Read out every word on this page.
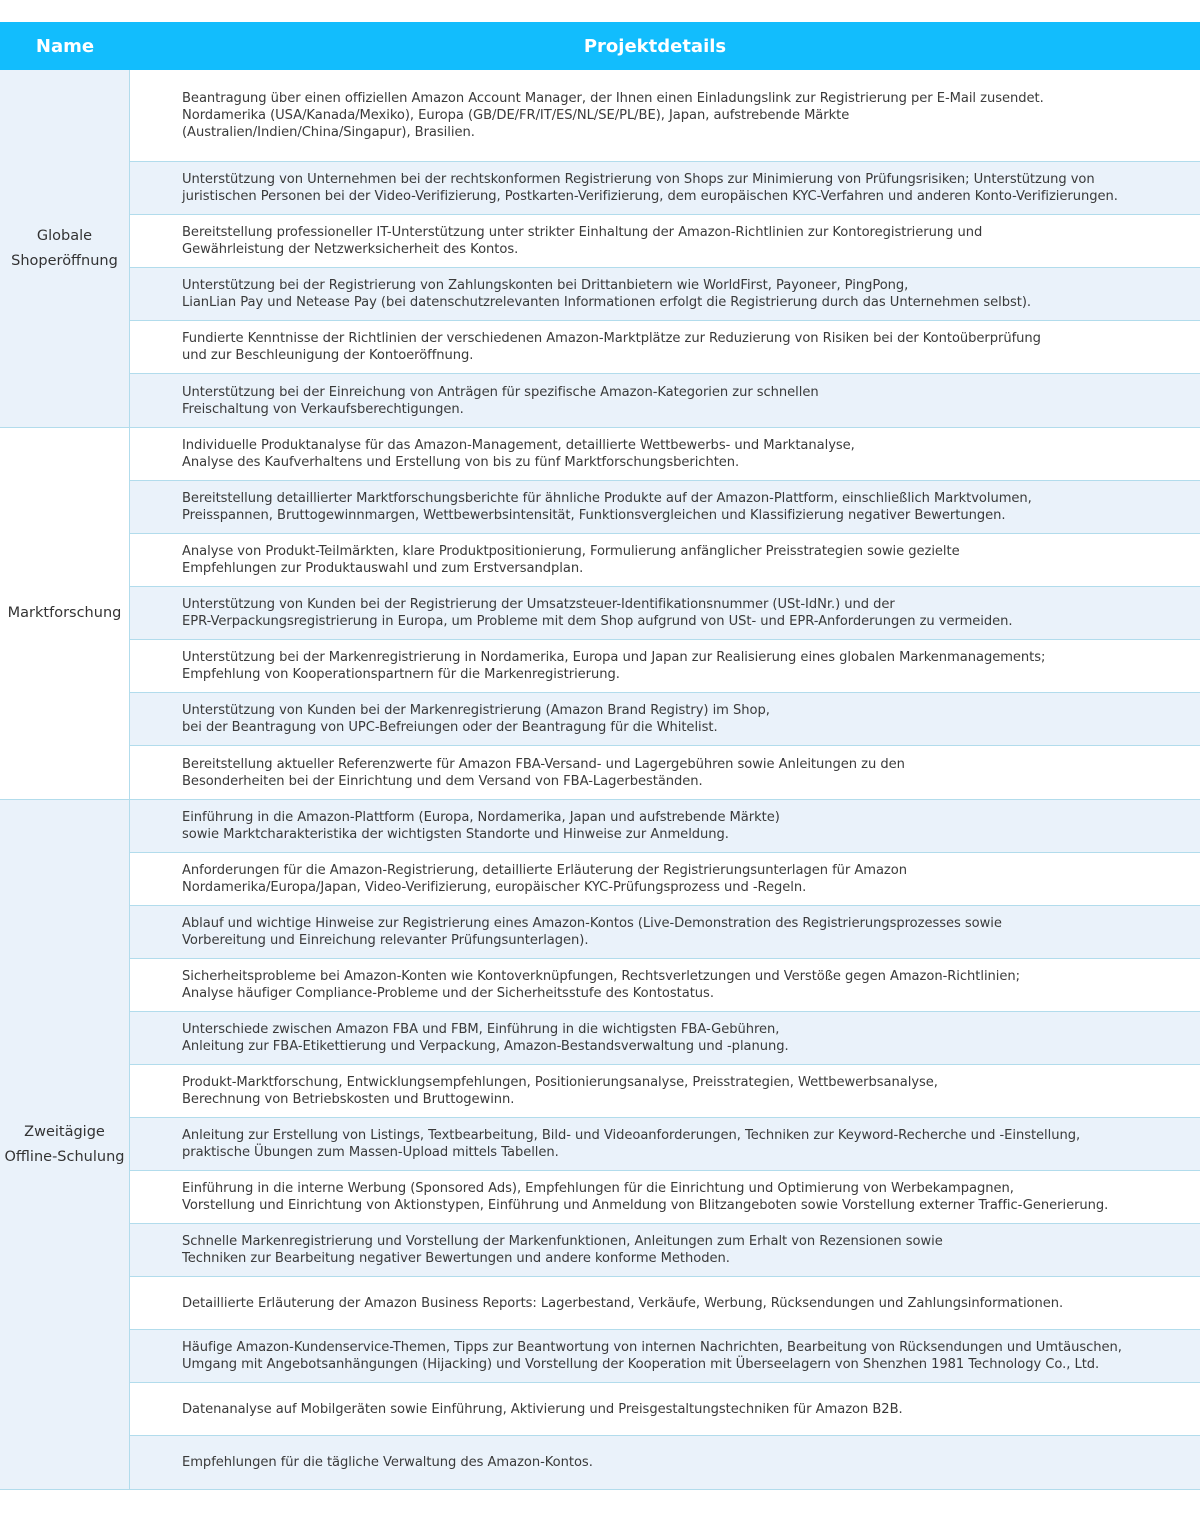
Name	Projektdetails
Globale
Shoperöffnung
Beantragung über einen offiziellen Amazon Account Manager, der Ihnen einen Einladungslink zur Registrierung per E-Mail zusendet.
Nordamerika (USA/Kanada/Mexiko), Europa (GB/DE/FR/IT/ES/NL/SE/PL/BE), Japan, aufstrebende Märkte
(Australien/Indien/China/Singapur), Brasilien.
Unterstützung von Unternehmen bei der rechtskonformen Registrierung von Shops zur Minimierung von Prüfungsrisiken; Unterstützung von
juristischen Personen bei der Video-Verifizierung, Postkarten-Verifizierung, dem europäischen KYC-Verfahren und anderen Konto-Verifizierungen.
Bereitstellung professioneller IT-Unterstützung unter strikter Einhaltung der Amazon-Richtlinien zur Kontoregistrierung und
Gewährleistung der Netzwerksicherheit des Kontos.
Unterstützung bei der Registrierung von Zahlungskonten bei Drittanbietern wie WorldFirst, Payoneer, PingPong,
LianLian Pay und Netease Pay (bei datenschutzrelevanten Informationen erfolgt die Registrierung durch das Unternehmen selbst).
Fundierte Kenntnisse der Richtlinien der verschiedenen Amazon-Marktplätze zur Reduzierung von Risiken bei der Kontoüberprüfung
und zur Beschleunigung der Kontoeröffnung.
Unterstützung bei der Einreichung von Anträgen für spezifische Amazon-Kategorien zur schnellen
Freischaltung von Verkaufsberechtigungen.
Marktforschung
Individuelle Produktanalyse für das Amazon-Management, detaillierte Wettbewerbs- und Marktanalyse,
Analyse des Kaufverhaltens und Erstellung von bis zu fünf Marktforschungsberichten.
Bereitstellung detaillierter Marktforschungsberichte für ähnliche Produkte auf der Amazon-Plattform, einschließlich Marktvolumen,
Preisspannen, Bruttogewinnmargen, Wettbewerbsintensität, Funktionsvergleichen und Klassifizierung negativer Bewertungen.
Analyse von Produkt-Teilmärkten, klare Produktpositionierung, Formulierung anfänglicher Preisstrategien sowie gezielte
Empfehlungen zur Produktauswahl und zum Erstversandplan.
Unterstützung von Kunden bei der Registrierung der Umsatzsteuer-Identifikationsnummer (USt-IdNr.) und der
EPR-Verpackungsregistrierung in Europa, um Probleme mit dem Shop aufgrund von USt- und EPR-Anforderungen zu vermeiden.
Unterstützung bei der Markenregistrierung in Nordamerika, Europa und Japan zur Realisierung eines globalen Markenmanagements;
Empfehlung von Kooperationspartnern für die Markenregistrierung.
Unterstützung von Kunden bei der Markenregistrierung (Amazon Brand Registry) im Shop,
bei der Beantragung von UPC-Befreiungen oder der Beantragung für die Whitelist.
Bereitstellung aktueller Referenzwerte für Amazon FBA-Versand- und Lagergebühren sowie Anleitungen zu den
Besonderheiten bei der Einrichtung und dem Versand von FBA-Lagerbeständen.
Zweitägige
Offline-Schulung
Einführung in die Amazon-Plattform (Europa, Nordamerika, Japan und aufstrebende Märkte)
sowie Marktcharakteristika der wichtigsten Standorte und Hinweise zur Anmeldung.
Anforderungen für die Amazon-Registrierung, detaillierte Erläuterung der Registrierungsunterlagen für Amazon
Nordamerika/Europa/Japan, Video-Verifizierung, europäischer KYC-Prüfungsprozess und -Regeln.
Ablauf und wichtige Hinweise zur Registrierung eines Amazon-Kontos (Live-Demonstration des Registrierungsprozesses sowie
Vorbereitung und Einreichung relevanter Prüfungsunterlagen).
Sicherheitsprobleme bei Amazon-Konten wie Kontoverknüpfungen, Rechtsverletzungen und Verstöße gegen Amazon-Richtlinien;
Analyse häufiger Compliance-Probleme und der Sicherheitsstufe des Kontostatus.
Unterschiede zwischen Amazon FBA und FBM, Einführung in die wichtigsten FBA-Gebühren,
Anleitung zur FBA-Etikettierung und Verpackung, Amazon-Bestandsverwaltung und -planung.
Produkt-Marktforschung, Entwicklungsempfehlungen, Positionierungsanalyse, Preisstrategien, Wettbewerbsanalyse,
Berechnung von Betriebskosten und Bruttogewinn.
Anleitung zur Erstellung von Listings, Textbearbeitung, Bild- und Videoanforderungen, Techniken zur Keyword-Recherche und -Einstellung,
praktische Übungen zum Massen-Upload mittels Tabellen.
Einführung in die interne Werbung (Sponsored Ads), Empfehlungen für die Einrichtung und Optimierung von Werbekampagnen,
Vorstellung und Einrichtung von Aktionstypen, Einführung und Anmeldung von Blitzangeboten sowie Vorstellung externer Traffic-Generierung.
Schnelle Markenregistrierung und Vorstellung der Markenfunktionen, Anleitungen zum Erhalt von Rezensionen sowie
Techniken zur Bearbeitung negativer Bewertungen und andere konforme Methoden.
Detaillierte Erläuterung der Amazon Business Reports: Lagerbestand, Verkäufe, Werbung, Rücksendungen und Zahlungsinformationen.
Häufige Amazon-Kundenservice-Themen, Tipps zur Beantwortung von internen Nachrichten, Bearbeitung von Rücksendungen und Umtäuschen,
Umgang mit Angebotsanhängungen (Hijacking) und Vorstellung der Kooperation mit Überseelagern von Shenzhen 1981 Technology Co., Ltd.
Datenanalyse auf Mobilgeräten sowie Einführung, Aktivierung und Preisgestaltungstechniken für Amazon B2B.
Empfehlungen für die tägliche Verwaltung des Amazon-Kontos.
